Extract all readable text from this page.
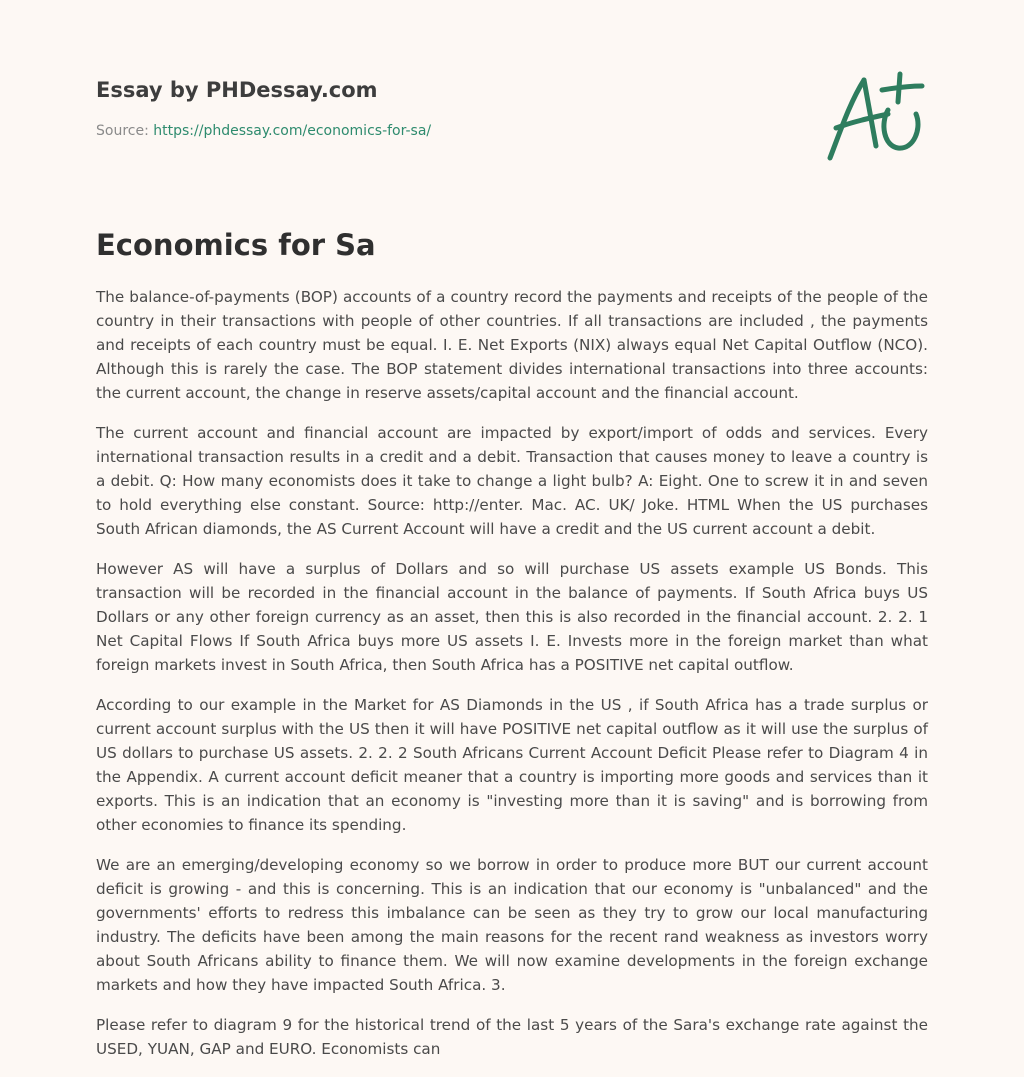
Essay by PHDessay.com
Source: https://phdessay.com/economics-for-sa/
Economics for Sa

The balance-of-payments (BOP) accounts of a country record the payments and receipts of the people of the country in their transactions with people of other countries. If all transactions are included , the payments and receipts of each country must be equal. I. E. Net Exports (NIX) always equal Net Capital Outflow (NCO). Although this is rarely the case. The BOP statement divides international transactions into three accounts: the current account, the change in reserve assets/capital account and the financial account.

The current account and financial account are impacted by export/import of odds and services. Every international transaction results in a credit and a debit. Transaction that causes money to leave a country is a debit. Q: How many economists does it take to change a light bulb? A: Eight. One to screw it in and seven to hold everything else constant. Source: http://enter. Mac. AC. UK/ Joke. HTML When the US purchases South African diamonds, the AS Current Account will have a credit and the US current account a debit.

However AS will have a surplus of Dollars and so will purchase US assets example US Bonds. This transaction will be recorded in the financial account in the balance of payments. If South Africa buys US Dollars or any other foreign currency as an asset, then this is also recorded in the financial account. 2. 2. 1 Net Capital Flows If South Africa buys more US assets I. E. Invests more in the foreign market than what foreign markets invest in South Africa, then South Africa has a POSITIVE net capital outflow.

According to our example in the Market for AS Diamonds in the US , if South Africa has a trade surplus or current account surplus with the US then it will have POSITIVE net capital outflow as it will use the surplus of US dollars to purchase US assets. 2. 2. 2 South Africans Current Account Deficit Please refer to Diagram 4 in the Appendix. A current account deficit meaner that a country is importing more goods and services than it exports. This is an indication that an economy is "investing more than it is saving" and is borrowing from other economies to finance its spending.

We are an emerging/developing economy so we borrow in order to produce more BUT our current account deficit is growing - and this is concerning. This is an indication that our economy is "unbalanced" and the governments' efforts to redress this imbalance can be seen as they try to grow our local manufacturing industry. The deficits have been among the main reasons for the recent rand weakness as investors worry about South Africans ability to finance them. We will now examine developments in the foreign exchange markets and how they have impacted South Africa. 3.

Please refer to diagram 9 for the historical trend of the last 5 years of the Sara's exchange rate against the USED, YUAN, GAP and EURO. Economists can
